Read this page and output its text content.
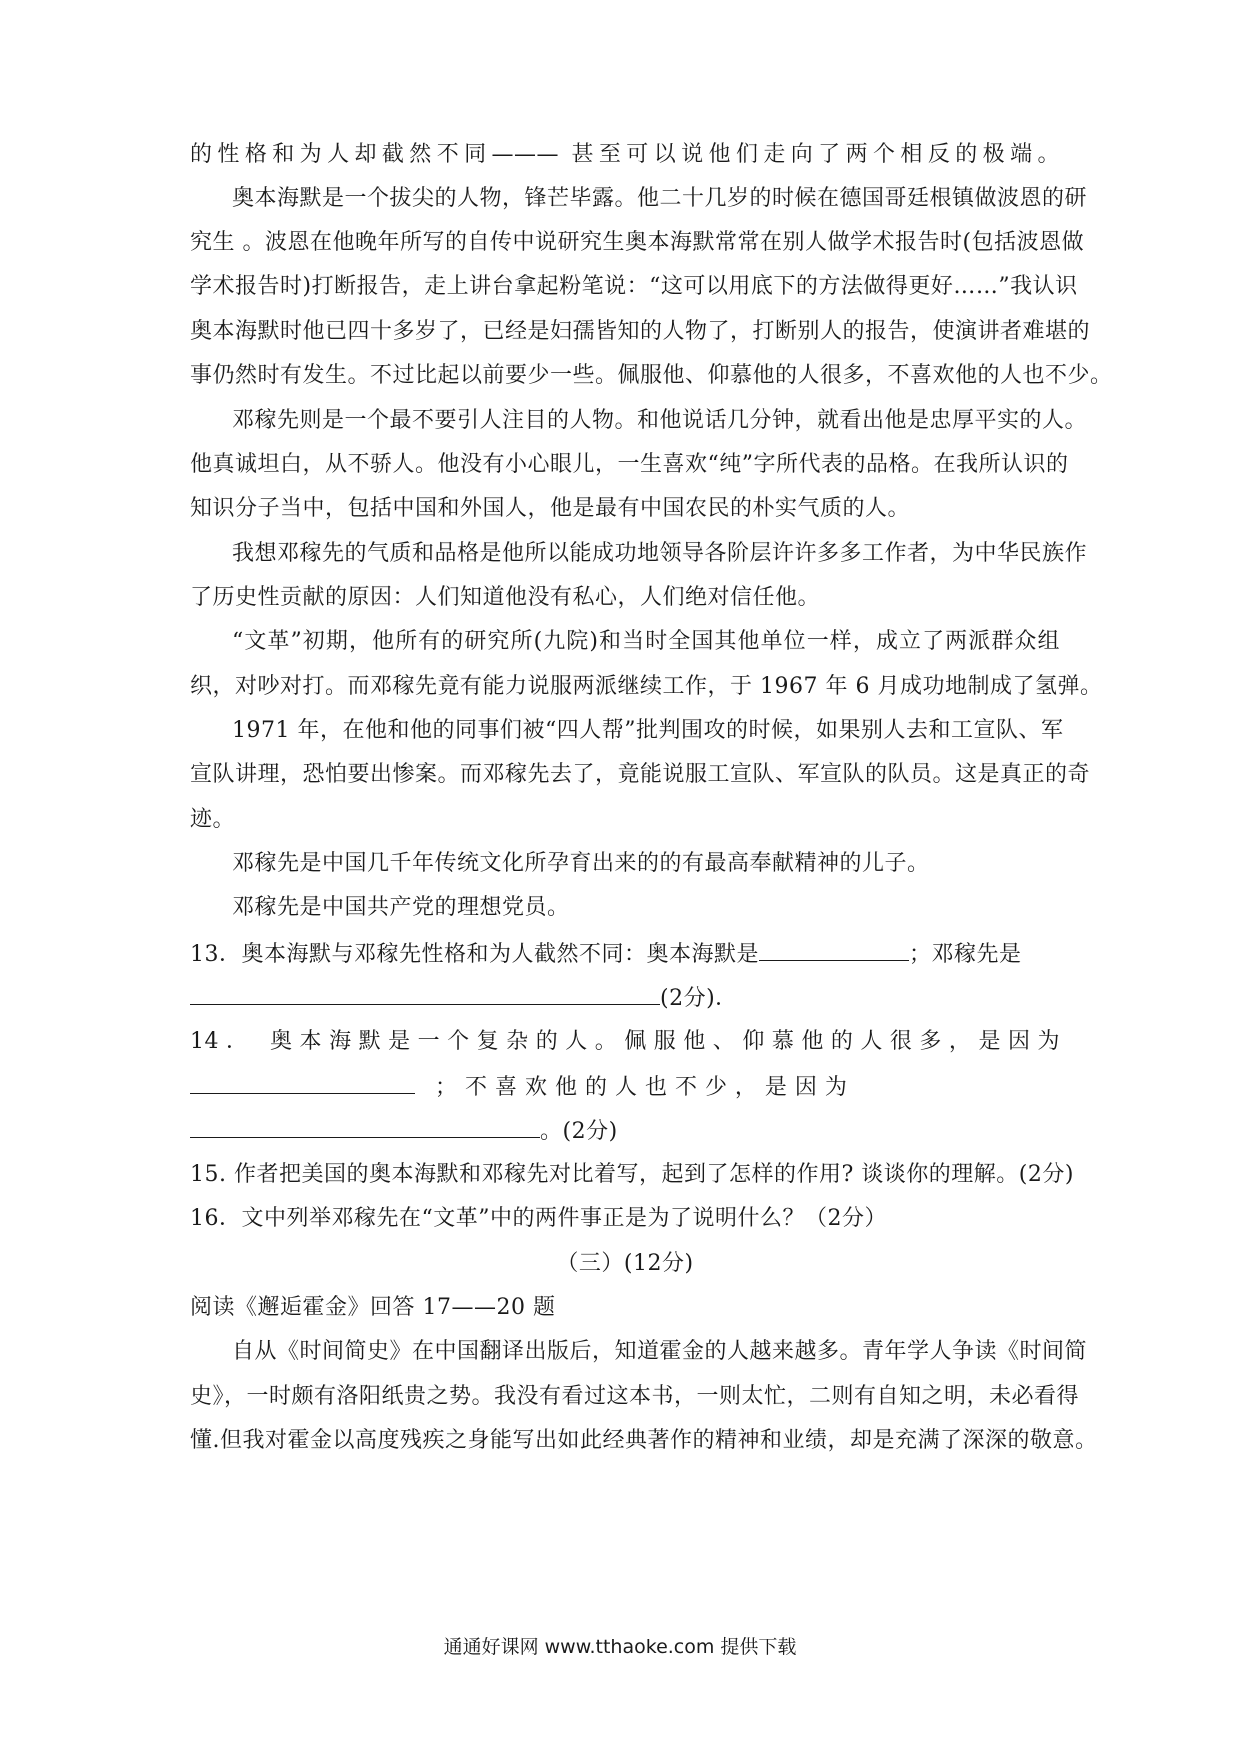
的性格和为人却截然不同——— 甚至可以说他们走向了两个相反的极端。
奥本海默是一个拔尖的人物，锋芒毕露。他二十几岁的时候在德国哥廷根镇做波恩的研
究生 。波恩在他晚年所写的自传中说研究生奥本海默常常在别人做学术报告时(包括波恩做
学术报告时)打断报告，走上讲台拿起粉笔说：“这可以用底下的方法做得更好……”我认识
奥本海默时他已四十多岁了，已经是妇孺皆知的人物了，打断别人的报告，使演讲者难堪的
事仍然时有发生。不过比起以前要少一些。佩服他、仰慕他的人很多，不喜欢他的人也不少。
邓稼先则是一个最不要引人注目的人物。和他说话几分钟，就看出他是忠厚平实的人。
他真诚坦白，从不骄人。他没有小心眼儿，一生喜欢“纯”字所代表的品格。在我所认识的
知识分子当中，包括中国和外国人，他是最有中国农民的朴实气质的人。
我想邓稼先的气质和品格是他所以能成功地领导各阶层许许多多工作者，为中华民族作
了历史性贡献的原因：人们知道他没有私心，人们绝对信任他。
“文革”初期，他所有的研究所(九院)和当时全国其他单位一样，成立了两派群众组
织，对吵对打。而邓稼先竟有能力说服两派继续工作，于 1967 年 6 月成功地制成了氢弹。
1971 年，在他和他的同事们被“四人帮”批判围攻的时候，如果别人去和工宣队、军
宣队讲理，恐怕要出惨案。而邓稼先去了，竟能说服工宣队、军宣队的队员。这是真正的奇
迹。
邓稼先是中国几千年传统文化所孕育出来的的有最高奉献精神的儿子。
邓稼先是中国共产党的理想党员。
13．奥本海默与邓稼先性格和为人截然不同：奥本海默是	；邓稼先是
(2分)．
14． 奥本海默是一个复杂的人。佩服他、仰慕他的人很多，是因为
； 不 喜 欢 他 的 人 也 不 少 ， 是 因 为
。(2分)
15. 作者把美国的奥本海默和邓稼先对比着写，起到了怎样的作用? 谈谈你的理解。(2分)
16．文中列举邓稼先在“文革”中的两件事正是为了说明什么？（2分）
（三）(12分)
阅读《邂逅霍金》回答 17——20 题
自从《时间简史》在中国翻译出版后，知道霍金的人越来越多。青年学人争读《时间简
史》，一时颇有洛阳纸贵之势。我没有看过这本书，一则太忙，二则有自知之明，未必看得
懂.但我对霍金以高度残疾之身能写出如此经典著作的精神和业绩，却是充满了深深的敬意。
通通好课网 www.tthaoke.com 提供下载
